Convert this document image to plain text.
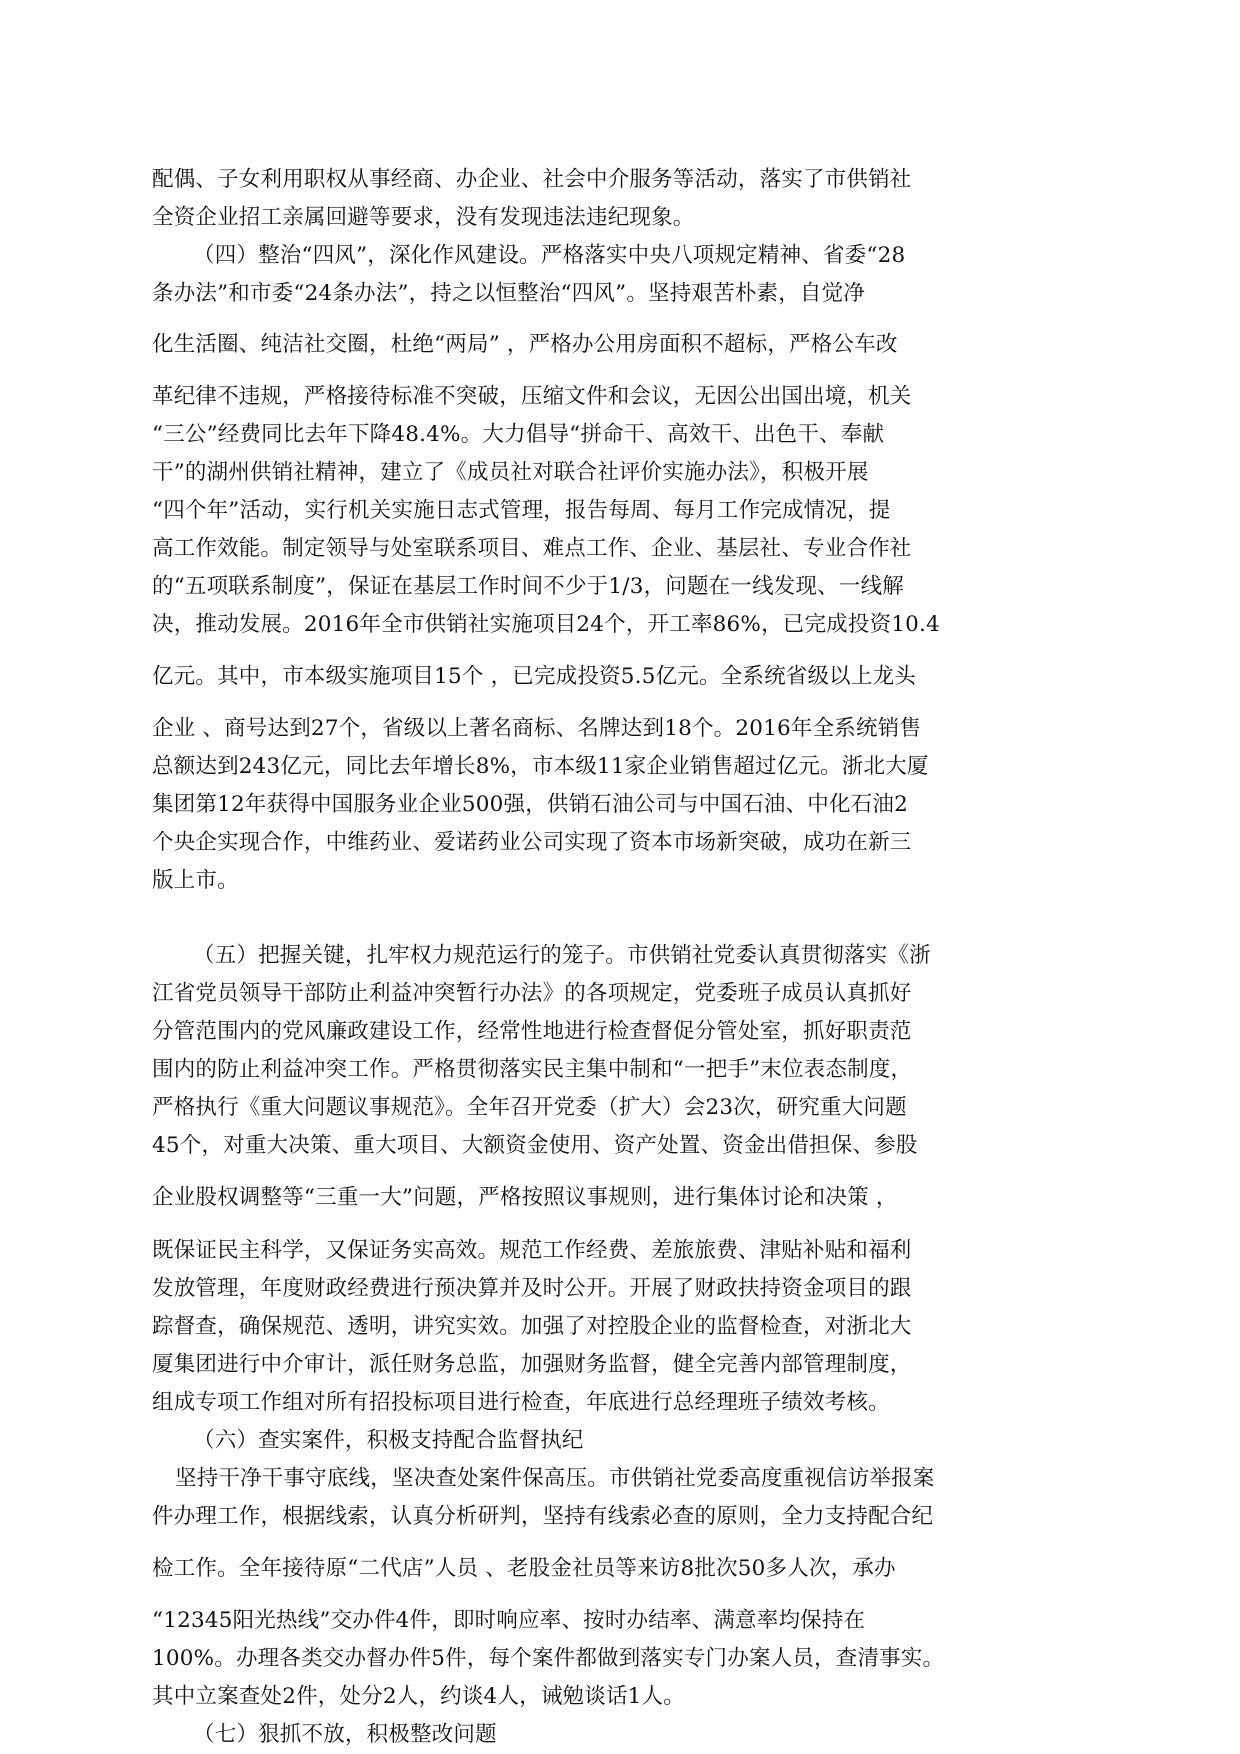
配偶、子女利用职权从事经商、办企业、社会中介服务等活动，落实了市供销社
全资企业招工亲属回避等要求，没有发现违法违纪现象。
（四）整治“四风”，深化作风建设。严格落实中央八项规定精神、省委“28
条办法”和市委“24条办法”，持之以恒整治“四风”。坚持艰苦朴素，自觉净
化生活圈、纯洁社交圈，杜绝“两局” ，严格办公用房面积不超标，严格公车改
革纪律不违规，严格接待标准不突破，压缩文件和会议，无因公出国出境，机关
“三公”经费同比去年下降48.4%。大力倡导“拼命干、高效干、出色干、奉献
干”的湖州供销社精神，建立了《成员社对联合社评价实施办法》，积极开展
“四个年”活动，实行机关实施日志式管理，报告每周、每月工作完成情况，提
高工作效能。制定领导与处室联系项目、难点工作、企业、基层社、专业合作社
的“五项联系制度”，保证在基层工作时间不少于1/3，问题在一线发现、一线解
决，推动发展。2016年全市供销社实施项目24个，开工率86%，已完成投资10.4
亿元。其中，市本级实施项目15个 ，已完成投资5.5亿元。全系统省级以上龙头
企业 、商号达到27个，省级以上著名商标、名牌达到18个。2016年全系统销售
总额达到243亿元，同比去年增长8%，市本级11家企业销售超过亿元。浙北大厦
集团第12年获得中国服务业企业500强，供销石油公司与中国石油、中化石油2
个央企实现合作，中维药业、爱诺药业公司实现了资本市场新突破，成功在新三
版上市。
（五）把握关键，扎牢权力规范运行的笼子。市供销社党委认真贯彻落实《浙
江省党员领导干部防止利益冲突暂行办法》的各项规定，党委班子成员认真抓好
分管范围内的党风廉政建设工作，经常性地进行检查督促分管处室，抓好职责范
围内的防止利益冲突工作。严格贯彻落实民主集中制和“一把手”末位表态制度，
严格执行《重大问题议事规范》。全年召开党委（扩大）会23次，研究重大问题
45个，对重大决策、重大项目、大额资金使用、资产处置、资金出借担保、参股
企业股权调整等“三重一大”问题，严格按照议事规则，进行集体讨论和决策 ，
既保证民主科学，又保证务实高效。规范工作经费、差旅旅费、津贴补贴和福利
发放管理，年度财政经费进行预决算并及时公开。开展了财政扶持资金项目的跟
踪督查，确保规范、透明，讲究实效。加强了对控股企业的监督检查，对浙北大
厦集团进行中介审计，派任财务总监，加强财务监督，健全完善内部管理制度，
组成专项工作组对所有招投标项目进行检查，年底进行总经理班子绩效考核。
（六）查实案件，积极支持配合监督执纪
坚持干净干事守底线，坚决查处案件保高压。市供销社党委高度重视信访举报案
件办理工作，根据线索，认真分析研判，坚持有线索必查的原则，全力支持配合纪
检工作。全年接待原“二代店”人员 、老股金社员等来访8批次50多人次，承办
“12345阳光热线”交办件4件，即时响应率、按时办结率、满意率均保持在
100%。办理各类交办督办件5件，每个案件都做到落实专门办案人员，查清事实。
其中立案查处2件，处分2人，约谈4人，诫勉谈话1人。
（七）狠抓不放，积极整改问题
